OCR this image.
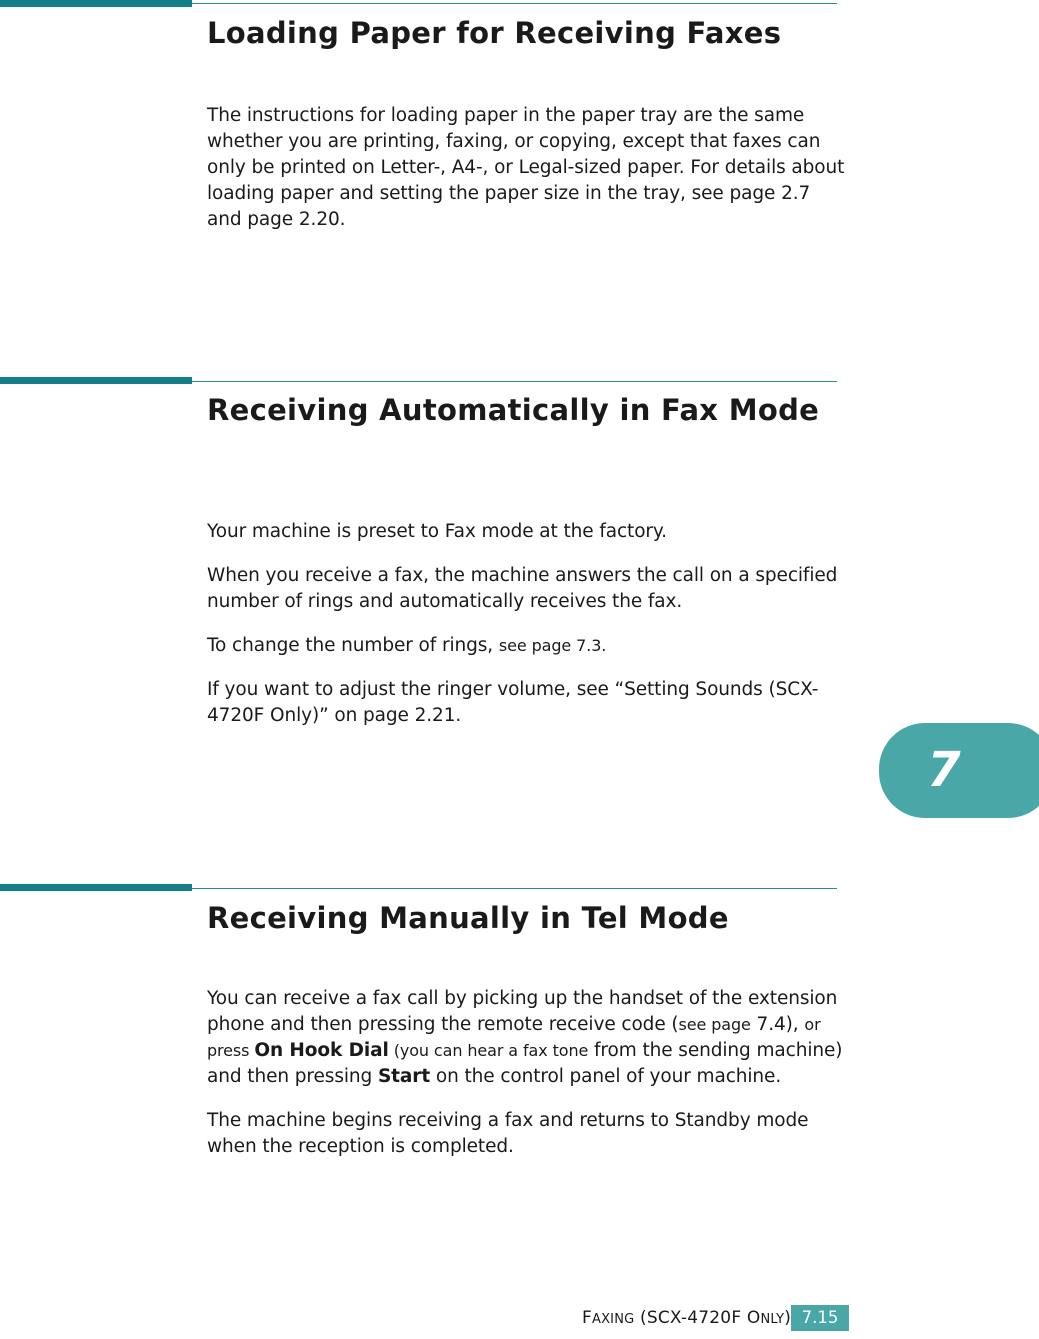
Loading Paper for Receiving Faxes

The instructions for loading paper in the paper tray are the same whether you are printing, faxing, or copying, except that faxes can only be printed on Letter-, A4-, or Legal-sized paper. For details about loading paper and setting the paper size in the tray, see page 2.7 and page 2.20.

Receiving Automatically in Fax Mode

Your machine is preset to Fax mode at the factory.

When you receive a fax, the machine answers the call on a specified number of rings and automatically receives the fax.

To change the number of rings, see page 7.3.

If you want to adjust the ringer volume, see “Setting Sounds (SCX-4720F Only)” on page 2.21.

Receiving Manually in Tel Mode

You can receive a fax call by picking up the handset of the extension phone and then pressing the remote receive code (see page 7.4), or press On Hook Dial (you can hear a fax tone from the sending machine) and then pressing Start on the control panel of your machine.

The machine begins receiving a fax and returns to Standby mode when the reception is completed.

7
FAXING (SCX-4720F ONLY) 7.15
